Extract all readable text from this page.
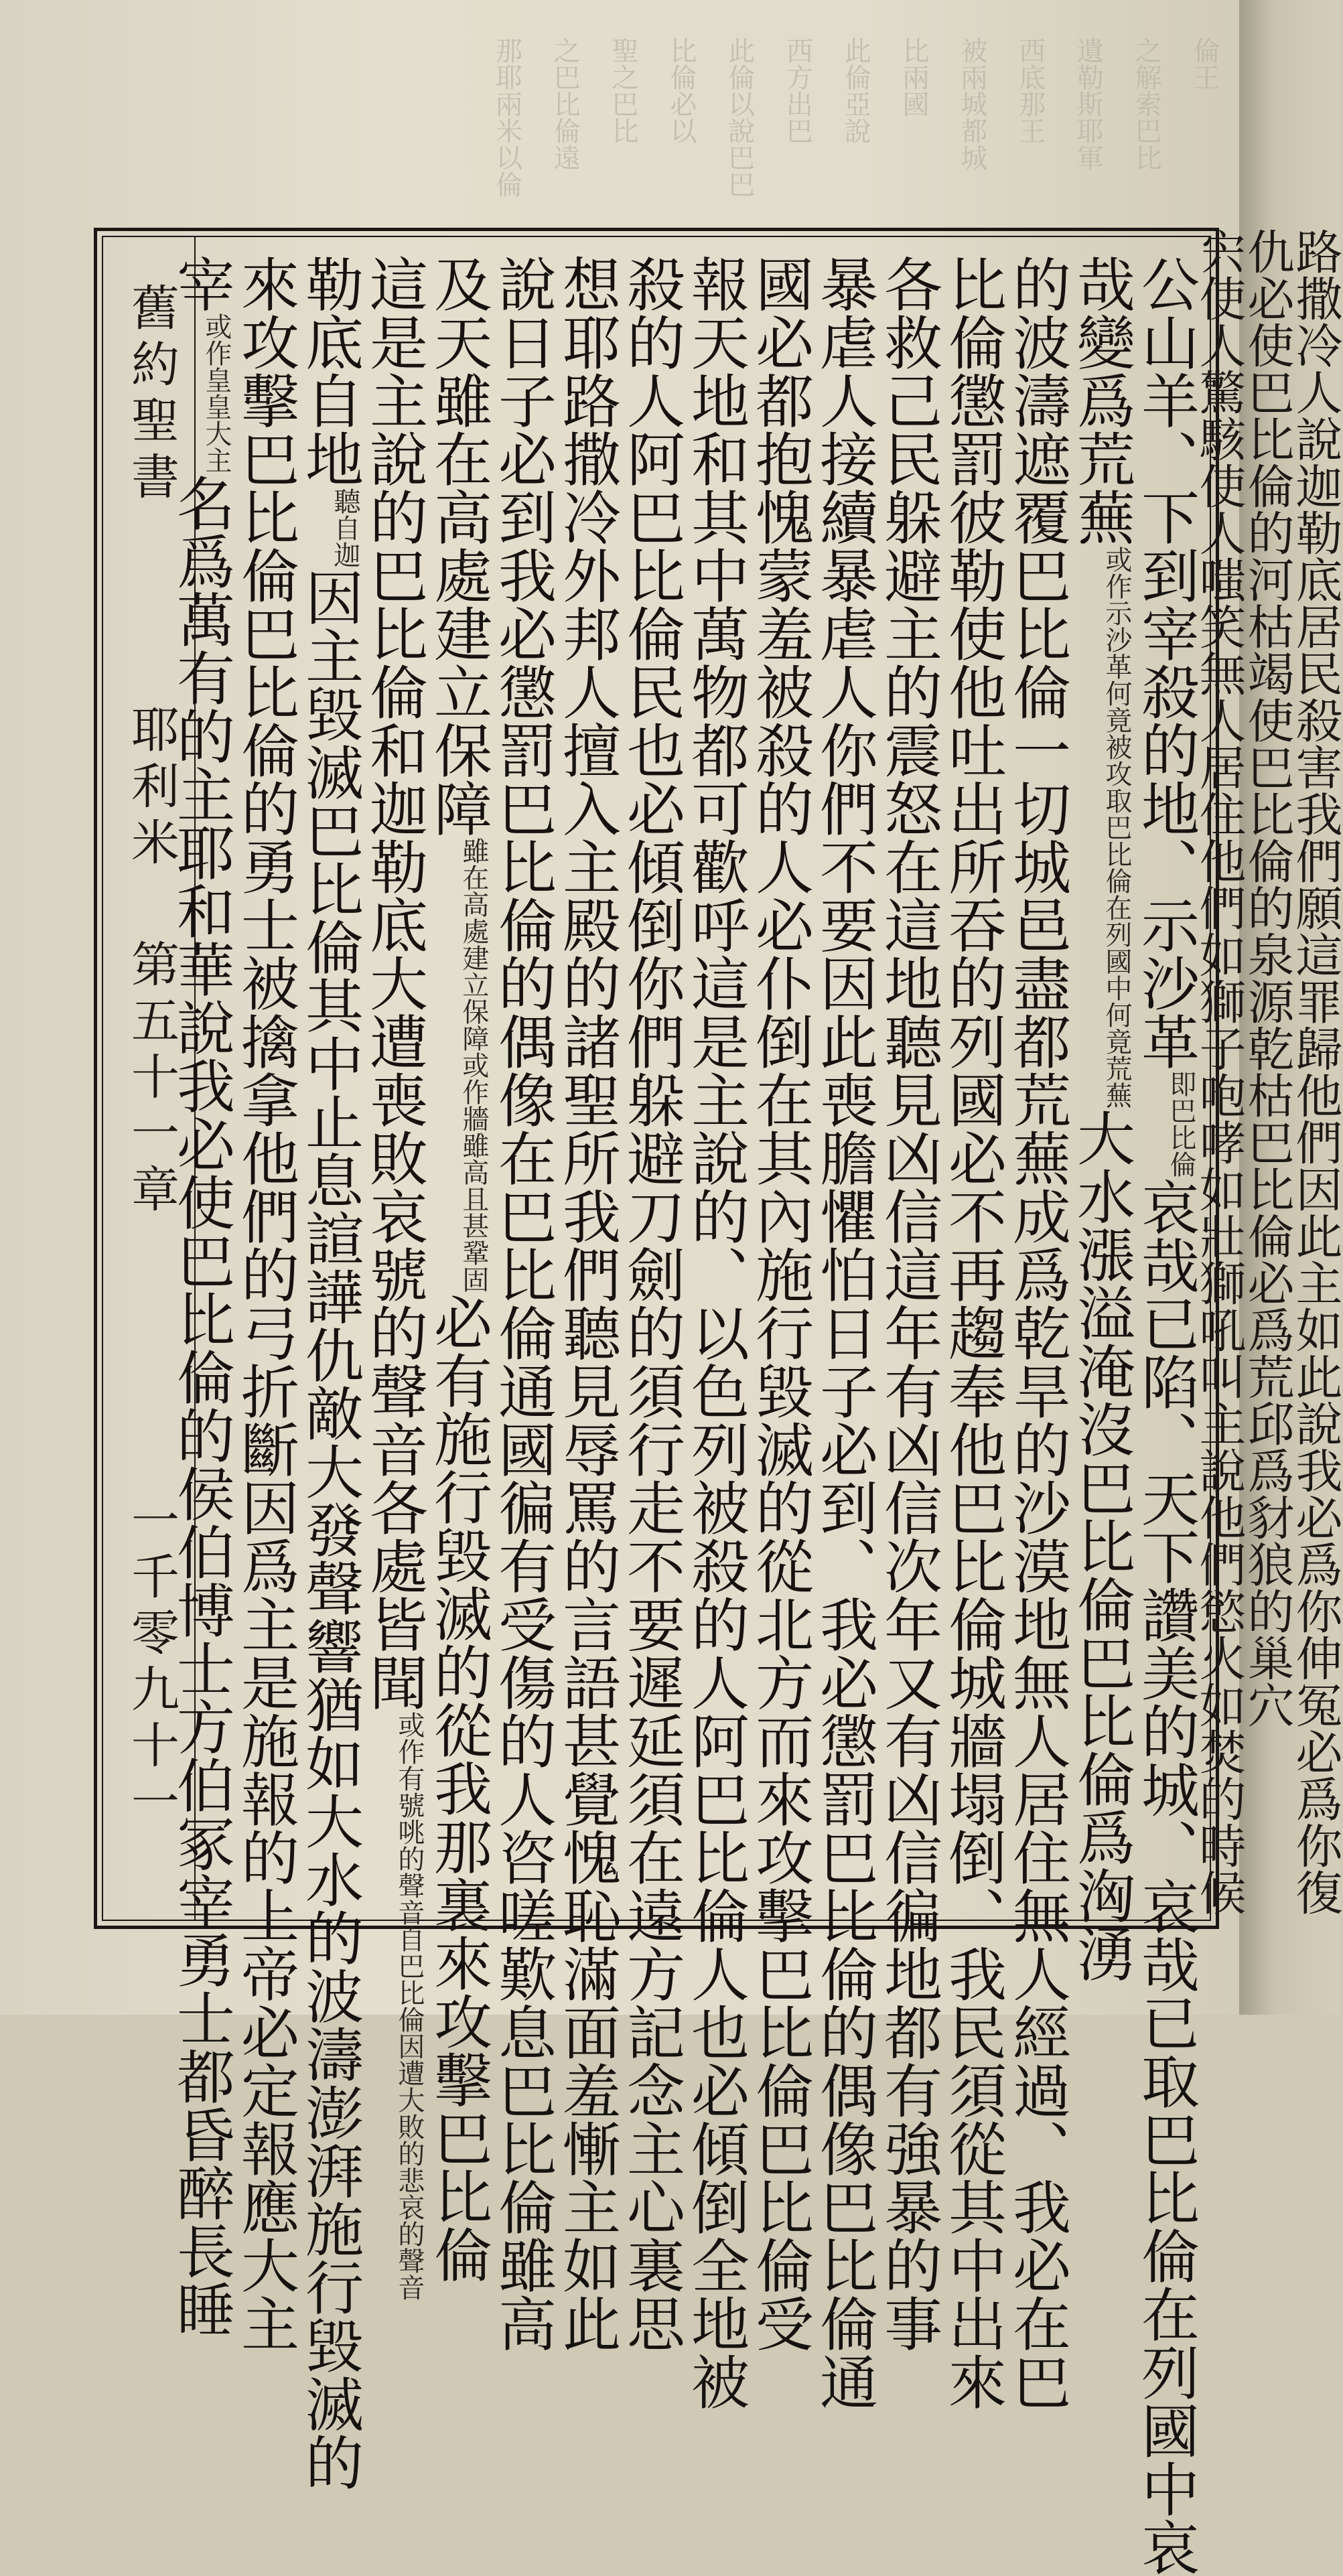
倫王
之解索巴比
遺勒斯耶軍
西底那王
被兩城都城
比兩國
此倫亞說
西方出巴
此倫以說巴巴
比倫必以
聖之巴比
之巴比倫遠
那耶兩米以倫
舊約聖書
耶利米
第五十一章
一千零九十一
公山羊、下到宰殺的地、示沙革即巴比倫哀哉已陷、天下讚美的城、哀哉已取巴比倫在列國中哀
哉變爲荒蕪或作示沙革何竟被攻取巴比倫在列國中何竟荒蕪大水漲溢淹沒巴比倫巴比倫爲洶湧
的波濤遮覆巴比倫一切城邑盡都荒蕪成爲乾旱的沙漠地無人居住無人經過、我必在巴
比倫懲罰彼勒使他吐出所吞的列國必不再趨奉他巴比倫城牆塌倒、我民須從其中出來
各救己民躲避主的震怒在這地聽見凶信這年有凶信次年又有凶信徧地都有強暴的事
暴虐人接續暴虐人你們不要因此喪膽懼怕日子必到、我必懲罰巴比倫的偶像巴比倫通
國必都抱愧蒙羞被殺的人必仆倒在其內施行毀滅的從北方而來攻擊巴比倫巴比倫受
報天地和其中萬物都可歡呼這是主說的、以色列被殺的人阿巴比倫人也必傾倒全地被
殺的人阿巴比倫民也必傾倒你們躲避刀劍的須行走不要遲延須在遠方記念主心裏思
想耶路撒冷外邦人擅入主殿的諸聖所我們聽見辱罵的言語甚覺愧恥滿面羞慚主如此
說日子必到我必懲罰巴比倫的偶像在巴比倫通國徧有受傷的人咨嗟歎息巴比倫雖高
及天雖在高處建立保障雖在高處建立保障或作牆雖高且甚鞏固必有施行毀滅的從我那裏來攻擊巴比倫
這是主說的巴比倫和迦勒底大遭喪敗哀號的聲音各處皆聞或作有號咷的聲音自巴比倫因遭大敗的悲哀的聲音
勒底自地聽自迦因主毀滅巴比倫其中止息諠譁仇敵大發聲響猶如大水的波濤澎湃施行毀滅的
來攻擊巴比倫巴比倫的勇士被擒拿他們的弓折斷因爲主是施報的上帝必定報應大主
宰或作皇皇大主名爲萬有的主耶和華說我必使巴比倫的侯伯博士方伯冢宰勇士都昏醉長睡	路撒冷人說迦勒底居民殺害我們願這罪歸他們因此主如此說我必爲你伸冤必爲你復
仇必使巴比倫的河枯竭使巴比倫的泉源乾枯巴比倫必爲荒邱爲豺狼的巢穴
宍使人驚駭使人嗤笑無人居住他們如獅子咆哮如壯獅吼叫主說他們慾火如焚的時候
